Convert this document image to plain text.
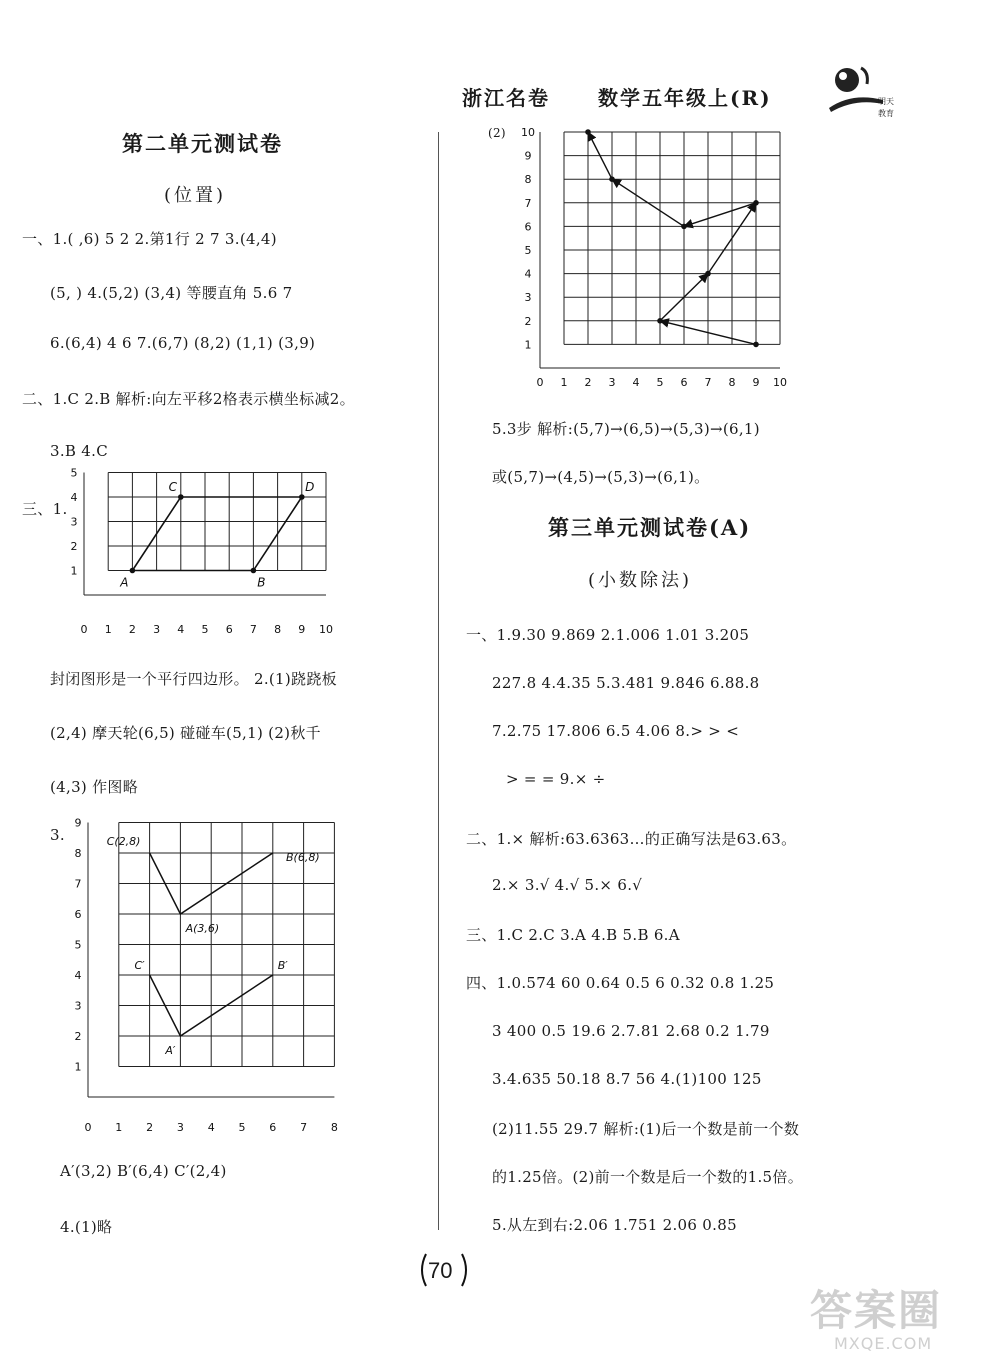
浙江名卷 数学五年级上(R)	明天
教育
第二单元测试卷
(位置)
一、1.( ,6) 5 2 2.第1行 2 7 3.(4,4)
(5, ) 4.(5,2) (3,4) 等腰直角 5.6 7
6.(6,4) 4 6 7.(6,7) (8,2) (1,1) (3,9)
二、1.C 2.B 解析:向左平移2格表示横坐标减2。
3.B 4.C
三、1.
0 1 2 3 4 5 6 7 8 9 10
1
2
3
4
5
A	B
C	D
封闭图形是一个平行四边形。 2.(1)跷跷板
(2,4) 摩天轮(6,5) 碰碰车(5,1) (2)秋千
(4,3) 作图略
3.
0 1 2 3 4 5 6 7 8
1
2
3
4
5
6
7
8
9
C(2,8)
B(6,8)
A(3,6)
C′	B′
A′
A′(3,2) B′(6,4) C′(2,4)
4.(1)略
(2)
0 1 2 3 4 5 6 7 8 9 10
1
2
3
4
5
6
7
8
9
10
5.3步 解析:(5,7)→(6,5)→(5,3)→(6,1)
或(5,7)→(4,5)→(5,3)→(6,1)。
第三单元测试卷(A)
(小数除法)
一、1.9.30 9.869 2.1.006 1.01 3.205
227.8 4.4.35 5.3.481 9.846 6.88.8
7.2.75 17.806 6.5 4.06 8.> > <
> = = 9.× ÷
二、1.× 解析:63.6363…的正确写法是63.63。
2.× 3.√ 4.√ 5.× 6.√
三、1.C 2.C 3.A 4.B 5.B 6.A
四、1.0.574 60 0.64 0.5 6 0.32 0.8 1.25
3 400 0.5 19.6 2.7.81 2.68 0.2 1.79
3.4.635 50.18 8.7 56 4.(1)100 125
(2)11.55 29.7 解析:(1)后一个数是前一个数
的1.25倍。(2)前一个数是后一个数的1.5倍。
5.从左到右:2.06 1.751 2.06 0.85
70
答案圈
MXQE.COM
